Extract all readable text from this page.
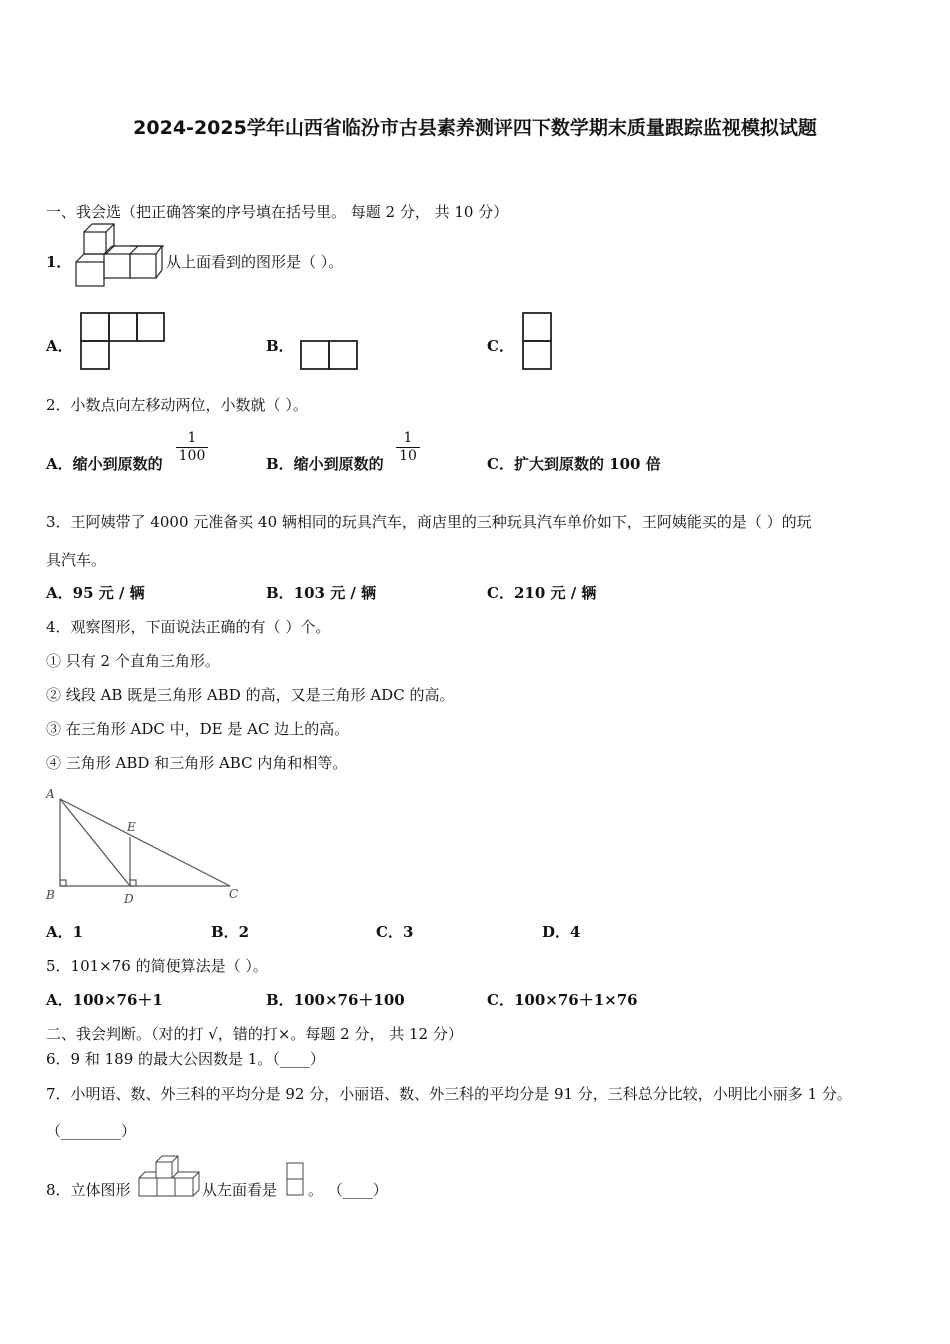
2024-2025学年山西省临汾市古县素养测评四下数学期末质量跟踪监视模拟试题
一、我会选（把正确答案的序号填在括号里。 每题 2 分， 共 10 分）
1．	从上面看到的图形是（ ）。
A．	B．	C．
2．小数点向左移动两位，小数就（ ）。
A．缩小到原数的 $\frac{1}{100}$	B．缩小到原数的 $\frac{1}{10}$	C．扩大到原数的 100 倍
3．王阿姨带了 4000 元准备买 40 辆相同的玩具汽车，商店里的三种玩具汽车单价如下，王阿姨能买的是（ ）的玩
具汽车。
A．95 元 / 辆	B．103 元 / 辆	C．210 元 / 辆
4．观察图形，下面说法正确的有（ ）个。
① 只有 2 个直角三角形。
② 线段 AB 既是三角形 ABD 的高，又是三角形 ADC 的高。
③ 在三角形 ADC 中，DE 是 AC 边上的高。
④ 三角形 ABD 和三角形 ABC 内角和相等。
A
B	D	C
E
A．1	B．2	C．3	D．4
5．101×76 的简便算法是（ ）。
A．100×76＋1	B．100×76＋100	C．100×76＋1×76
二、我会判断。（对的打 √，错的打×。每题 2 分， 共 12 分）
6．9 和 189 的最大公因数是 1。（____）
7．小明语、数、外三科的平均分是 92 分，小丽语、数、外三科的平均分是 91 分，三科总分比较，小明比小丽多 1 分。
（________）
8．立体图形	从左面看是 。 （____）
